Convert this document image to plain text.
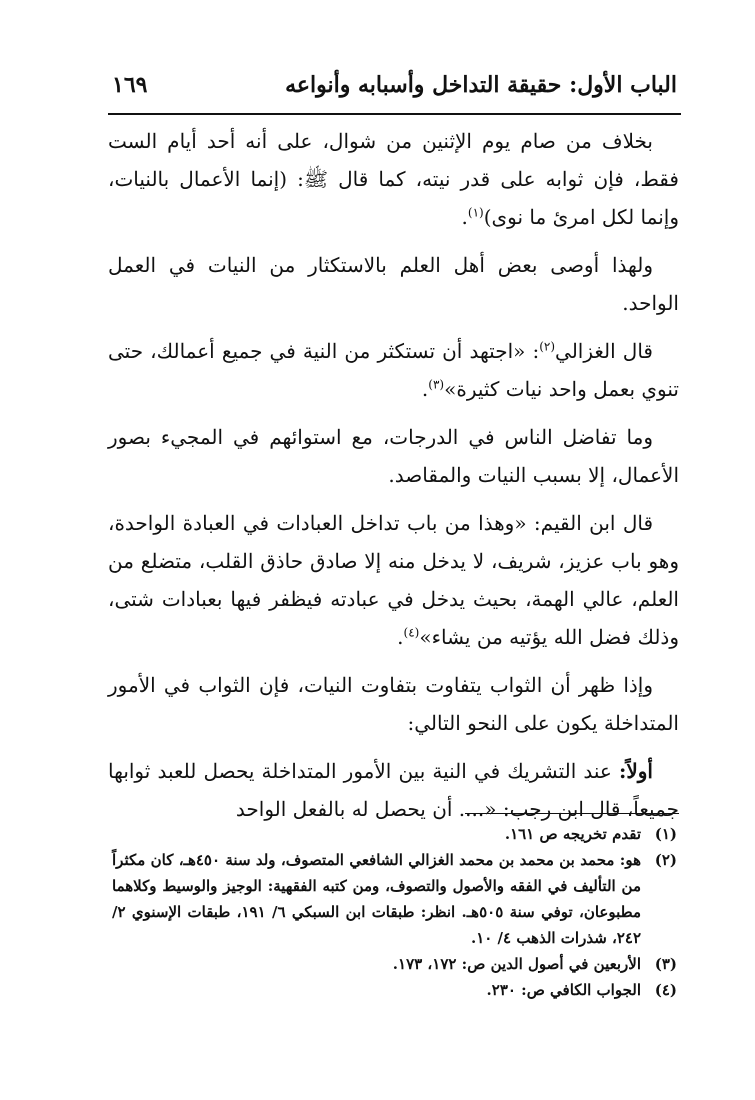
الباب الأول: حقيقة التداخل وأسبابه وأنواعه
١٦٩

بخلاف من صام يوم الإثنين من شوال، على أنه أحد أيام الست فقط، فإن ثوابه على قدر نيته، كما قال ﷺ: (إنما الأعمال بالنيات، وإنما لكل امرئ ما نوى)$^{(١)}$.

ولهذا أوصى بعض أهل العلم بالاستكثار من النيات في العمل الواحد.

قال الغزالي$^{(٢)}$: «اجتهد أن تستكثر من النية في جميع أعمالك، حتى تنوي بعمل واحد نيات كثيرة»$^{(٣)}$.

وما تفاضل الناس في الدرجات، مع استوائهم في المجيء بصور الأعمال، إلا بسبب النيات والمقاصد.

قال ابن القيم: «وهذا من باب تداخل العبادات في العبادة الواحدة، وهو باب عزيز، شريف، لا يدخل منه إلا صادق حاذق القلب، متضلع من العلم، عالي الهمة، بحيث يدخل في عبادته فيظفر فيها بعبادات شتى، وذلك فضل الله يؤتيه من يشاء»$^{(٤)}$.

وإذا ظهر أن الثواب يتفاوت بتفاوت النيات، فإن الثواب في الأمور المتداخلة يكون على النحو التالي:

أولاً: عند التشريك في النية بين الأمور المتداخلة يحصل للعبد ثوابها جميعاً، قال ابن رجب: «.... أن يحصل له بالفعل الواحد

(١)
تقدم تخريجه ص ١٦١.
(٢)
هو: محمد بن محمد بن محمد الغزالي الشافعي المتصوف، ولد سنة ٤٥٠هـ، كان مكثراً من التأليف في الفقه والأصول والتصوف، ومن كتبه الفقهية: الوجيز والوسيط وكلاهما مطبوعان، توفي سنة ٥٠٥هـ. انظر: طبقات ابن السبكي ٦/ ١٩١، طبقات الإسنوي ٢/ ٢٤٢، شذرات الذهب ٤/ ١٠.
(٣)
الأربعين في أصول الدين ص: ١٧٢، ١٧٣.
(٤)
الجواب الكافي ص: ٢٣٠.
